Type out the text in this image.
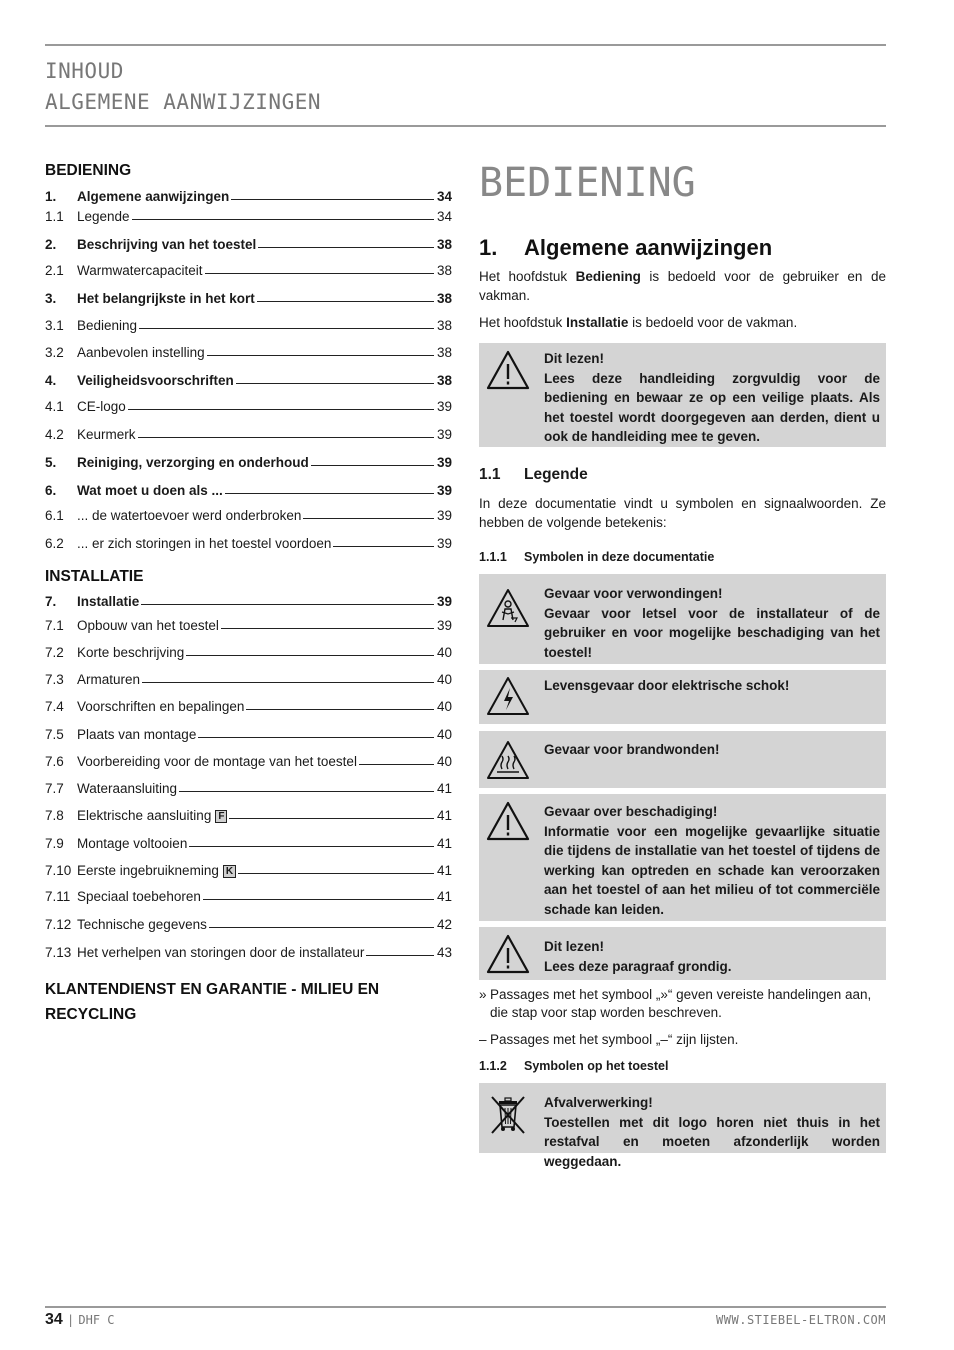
INHOUD
ALGEMENE AANWIJZINGEN
BEDIENING
1.	Algemene aanwijzingen	34
1.1 Legende	34
2.	Beschrijving van het toestel	38
2.1 Warmwatercapaciteit	38
3.	Het belangrijkste in het kort	38
3.1 Bediening	38
3.2 Aanbevolen instelling	38
4.	Veiligheidsvoorschriften	38
4.1 CE-logo	39
4.2 Keurmerk	39
5.	Reiniging, verzorging en onderhoud	39
6.	Wat moet u doen als ...	39
6.1 ... de watertoevoer werd onderbroken	39
6.2 ... er zich storingen in het toestel voordoen	39
7.	Installatie	39
7.1 Opbouw van het toestel	39
7.2 Korte beschrijving	40
7.3 Armaturen	40
7.4 Voorschriften en bepalingen	40
7.5 Plaats van montage	40
7.6 Voorbereiding voor de montage van het toestel	40
7.7 Wateraansluiting	41
7.8 Elektrische aansluiting F	41
7.9 Montage voltooien	41
7.10 Eerste ingebruikneming K	41
7.11 Speciaal toebehoren	41
7.12 Technische gegevens	42
7.13 Het verhelpen van storingen door de installateur	43
INSTALLATIE
KLANTENDIENST EN GARANTIE - MILIEU EN
RECYCLING
BEDIENING
1. Algemene aanwijzingen
Het hoofdstuk Bediening is bedoeld voor de gebruiker en de vakman.
Het hoofdstuk Installatie is bedoeld voor de vakman.
Dit lezen!
Lees deze handleiding zorgvuldig voor de bediening en bewaar ze op een veilige plaats. Als het toestel wordt doorgegeven aan derden, dient u ook de handleiding mee te geven.
1.1 Legende
In deze documentatie vindt u symbolen en signaalwoorden. Ze hebben de volgende betekenis:
1.1.1 Symbolen in deze documentatie
Gevaar voor verwondingen!
Gevaar voor letsel voor de installateur of de gebruiker en voor mogelijke beschadiging van het toestel!
Levensgevaar door elektrische schok!
Gevaar voor brandwonden!
Gevaar over beschadiging!
Informatie voor een mogelijke gevaarlijke situatie die tijdens de installatie van het toestel of tijdens de werking kan optreden en schade kan veroorzaken aan het toestel of aan het milieu of tot commerciële schade kan leiden.
Dit lezen!
Lees deze paragraaf grondig.
» Passages met het symbool „»“ geven vereiste handelingen aan, die stap voor stap worden beschreven.
– Passages met het symbool „–“ zijn lijsten.
1.1.2 Symbolen op het toestel
Afvalverwerking!
Toestellen met dit logo horen niet thuis in het restafval en moeten afzonderlijk worden weggedaan.
34 | DHF C	WWW.STIEBEL-ELTRON.COM
